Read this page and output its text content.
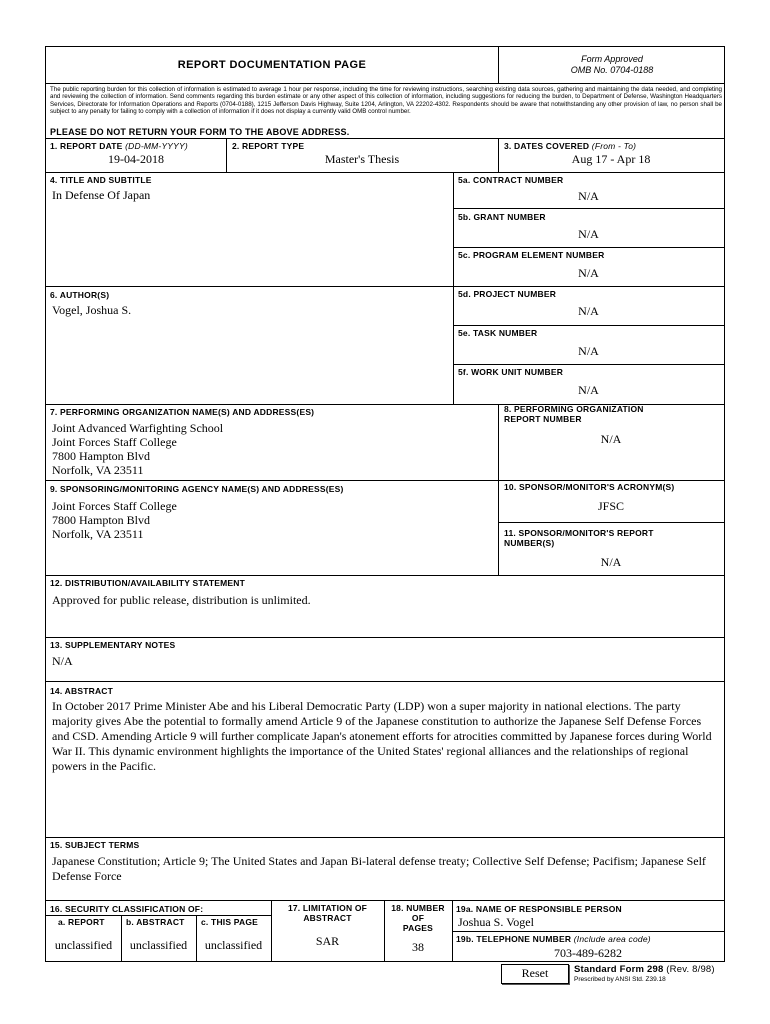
REPORT DOCUMENTATION PAGE	Form Approved
OMB No. 0704-0188
The public reporting burden for this collection of information is estimated to average 1 hour per response, including the time for reviewing instructions, searching existing data sources, gathering and maintaining the data needed, and completing and reviewing the collection of information. Send comments regarding this burden estimate or any other aspect of this collection of information, including suggestions for reducing the burden, to Department of Defense, Washington Headquarters Services, Directorate for Information Operations and Reports (0704-0188), 1215 Jefferson Davis Highway, Suite 1204, Arlington, VA 22202-4302. Respondents should be aware that notwithstanding any other provision of law, no person shall be subject to any penalty for failing to comply with a collection of information if it does not display a currently valid OMB control number.
PLEASE DO NOT RETURN YOUR FORM TO THE ABOVE ADDRESS.
1. REPORT DATE (DD-MM-YYYY)
19-04-2018
2. REPORT TYPE
Master's Thesis
3. DATES COVERED (From - To)
Aug 17 - Apr 18
4. TITLE AND SUBTITLE
In Defense Of Japan
5a. CONTRACT NUMBER
N/A
5b. GRANT NUMBER
N/A
5c. PROGRAM ELEMENT NUMBER
N/A
6. AUTHOR(S)
Vogel, Joshua S.
5d. PROJECT NUMBER
N/A
5e. TASK NUMBER
N/A
5f. WORK UNIT NUMBER
N/A
7. PERFORMING ORGANIZATION NAME(S) AND ADDRESS(ES)
Joint Advanced Warfighting School
Joint Forces Staff College
7800 Hampton Blvd
Norfolk, VA 23511
8. PERFORMING ORGANIZATION
REPORT NUMBER
N/A
9. SPONSORING/MONITORING AGENCY NAME(S) AND ADDRESS(ES)
Joint Forces Staff College
7800 Hampton Blvd
Norfolk, VA 23511
10. SPONSOR/MONITOR'S ACRONYM(S)
JFSC
11. SPONSOR/MONITOR'S REPORT
NUMBER(S)
N/A
12. DISTRIBUTION/AVAILABILITY STATEMENT
Approved for public release, distribution is unlimited.
13. SUPPLEMENTARY NOTES
N/A
14. ABSTRACT
In October 2017 Prime Minister Abe and his Liberal Democratic Party (LDP) won a super majority in national elections. The party majority gives Abe the potential to formally amend Article 9 of the Japanese constitution to authorize the Japanese Self Defense Forces and CSD. Amending Article 9 will further complicate Japan's atonement efforts for atrocities committed by Japanese forces during World War II. This dynamic environment highlights the importance of the United States' regional alliances and the relationships of regional powers in the Pacific.
15. SUBJECT TERMS
Japanese Constitution; Article 9; The United States and Japan Bi-lateral defense treaty; Collective Self Defense; Pacifism; Japanese Self Defense Force
16. SECURITY CLASSIFICATION OF:
a. REPORT	b. ABSTRACT c. THIS PAGE
unclassified	unclassified	unclassified
17. LIMITATION OF
ABSTRACT
SAR
18. NUMBER
OF
PAGES
38
19a. NAME OF RESPONSIBLE PERSON
Joshua S. Vogel
19b. TELEPHONE NUMBER (Include area code)
703-489-6282
Reset	Standard Form 298 (Rev. 8/98)
Prescribed by ANSI Std. Z39.18
